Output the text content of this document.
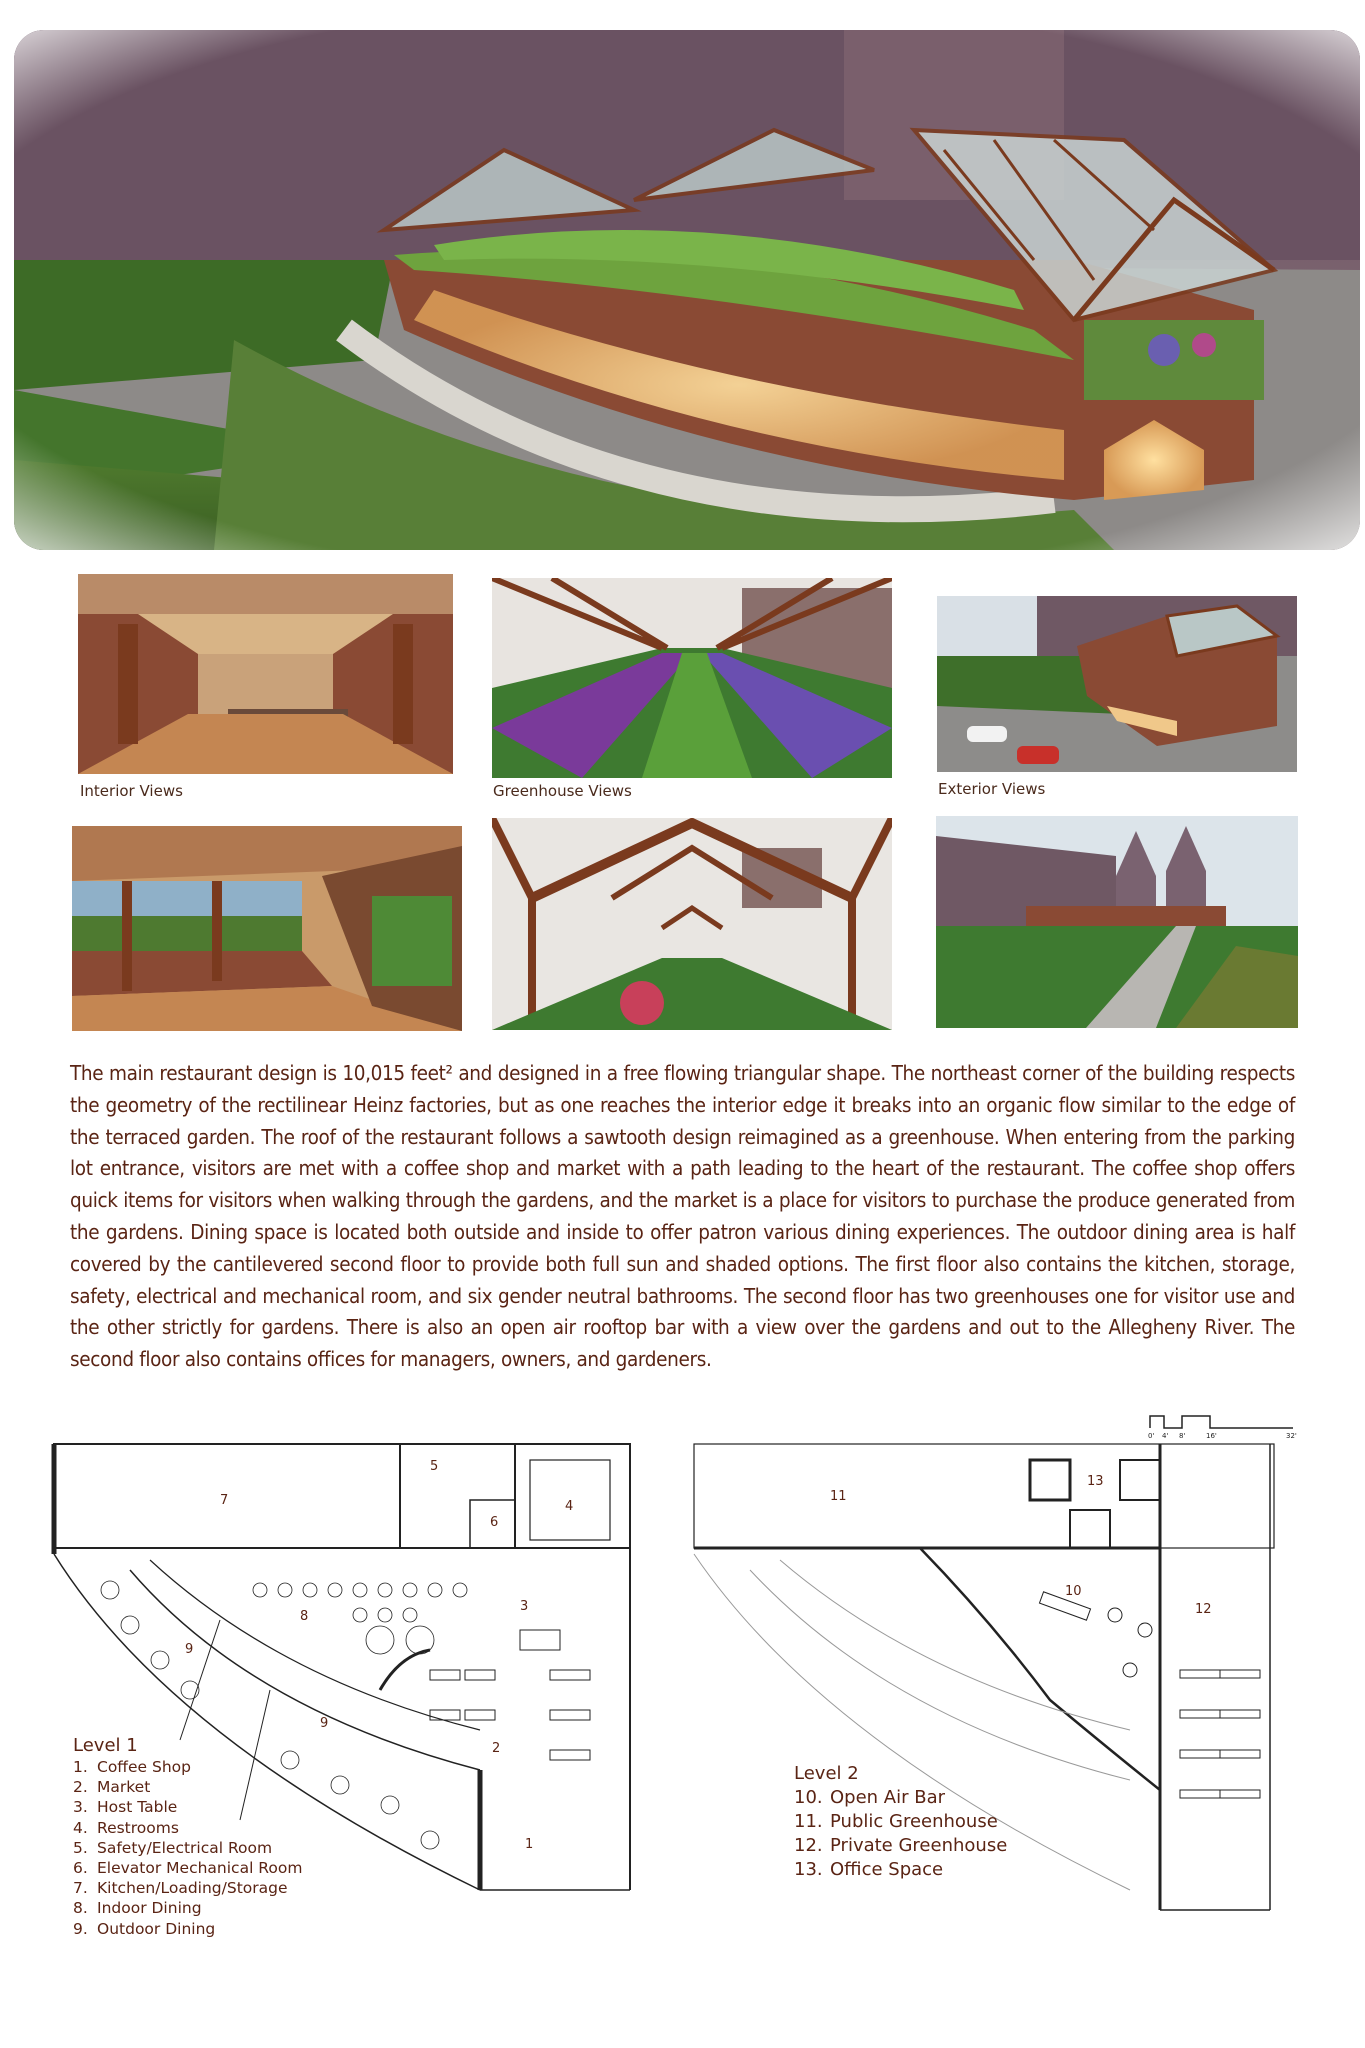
Interior Views	Greenhouse Views	Exterior Views

The main restaurant design is 10,015 feet² and designed in a free flowing triangular shape. The northeast corner of the building respects the geometry of the rectilinear Heinz factories, but as one reaches the interior edge it breaks into an organic flow similar to the edge of the terraced garden. The roof of the restaurant follows a sawtooth design reimagined as a greenhouse. When entering from the parking lot entrance, visitors are met with a coffee shop and market with a path leading to the heart of the restaurant. The coffee shop offers quick items for visitors when walking through the gardens, and the market is a place for visitors to purchase the produce generated from the gardens. Dining space is located both outside and inside to offer patron various dining experiences. The outdoor dining area is half covered by the cantilevered second floor to provide both full sun and shaded options. The first floor also contains the kitchen, storage, safety, electrical and mechanical room, and six gender neutral bathrooms. The second floor has two greenhouses one for visitor use and the other strictly for gardens. There is also an open air rooftop bar with a view over the gardens and out to the Allegheny River. The second floor also contains offices for managers, owners, and gardeners.

1
2
3
4
5
6
7
8
9
9
Level 1
1. Coffee Shop
2. Market
3. Host Table
4. Restrooms
5. Safety/Electrical Room
6. Elevator Mechanical Room
7. Kitchen/Loading/Storage
8. Indoor Dining
9. Outdoor Dining
10
11
12
13
0' 4' 8'	16'	32'
Level 2
10. Open Air Bar
11. Public Greenhouse
12. Private Greenhouse
13. Office Space
